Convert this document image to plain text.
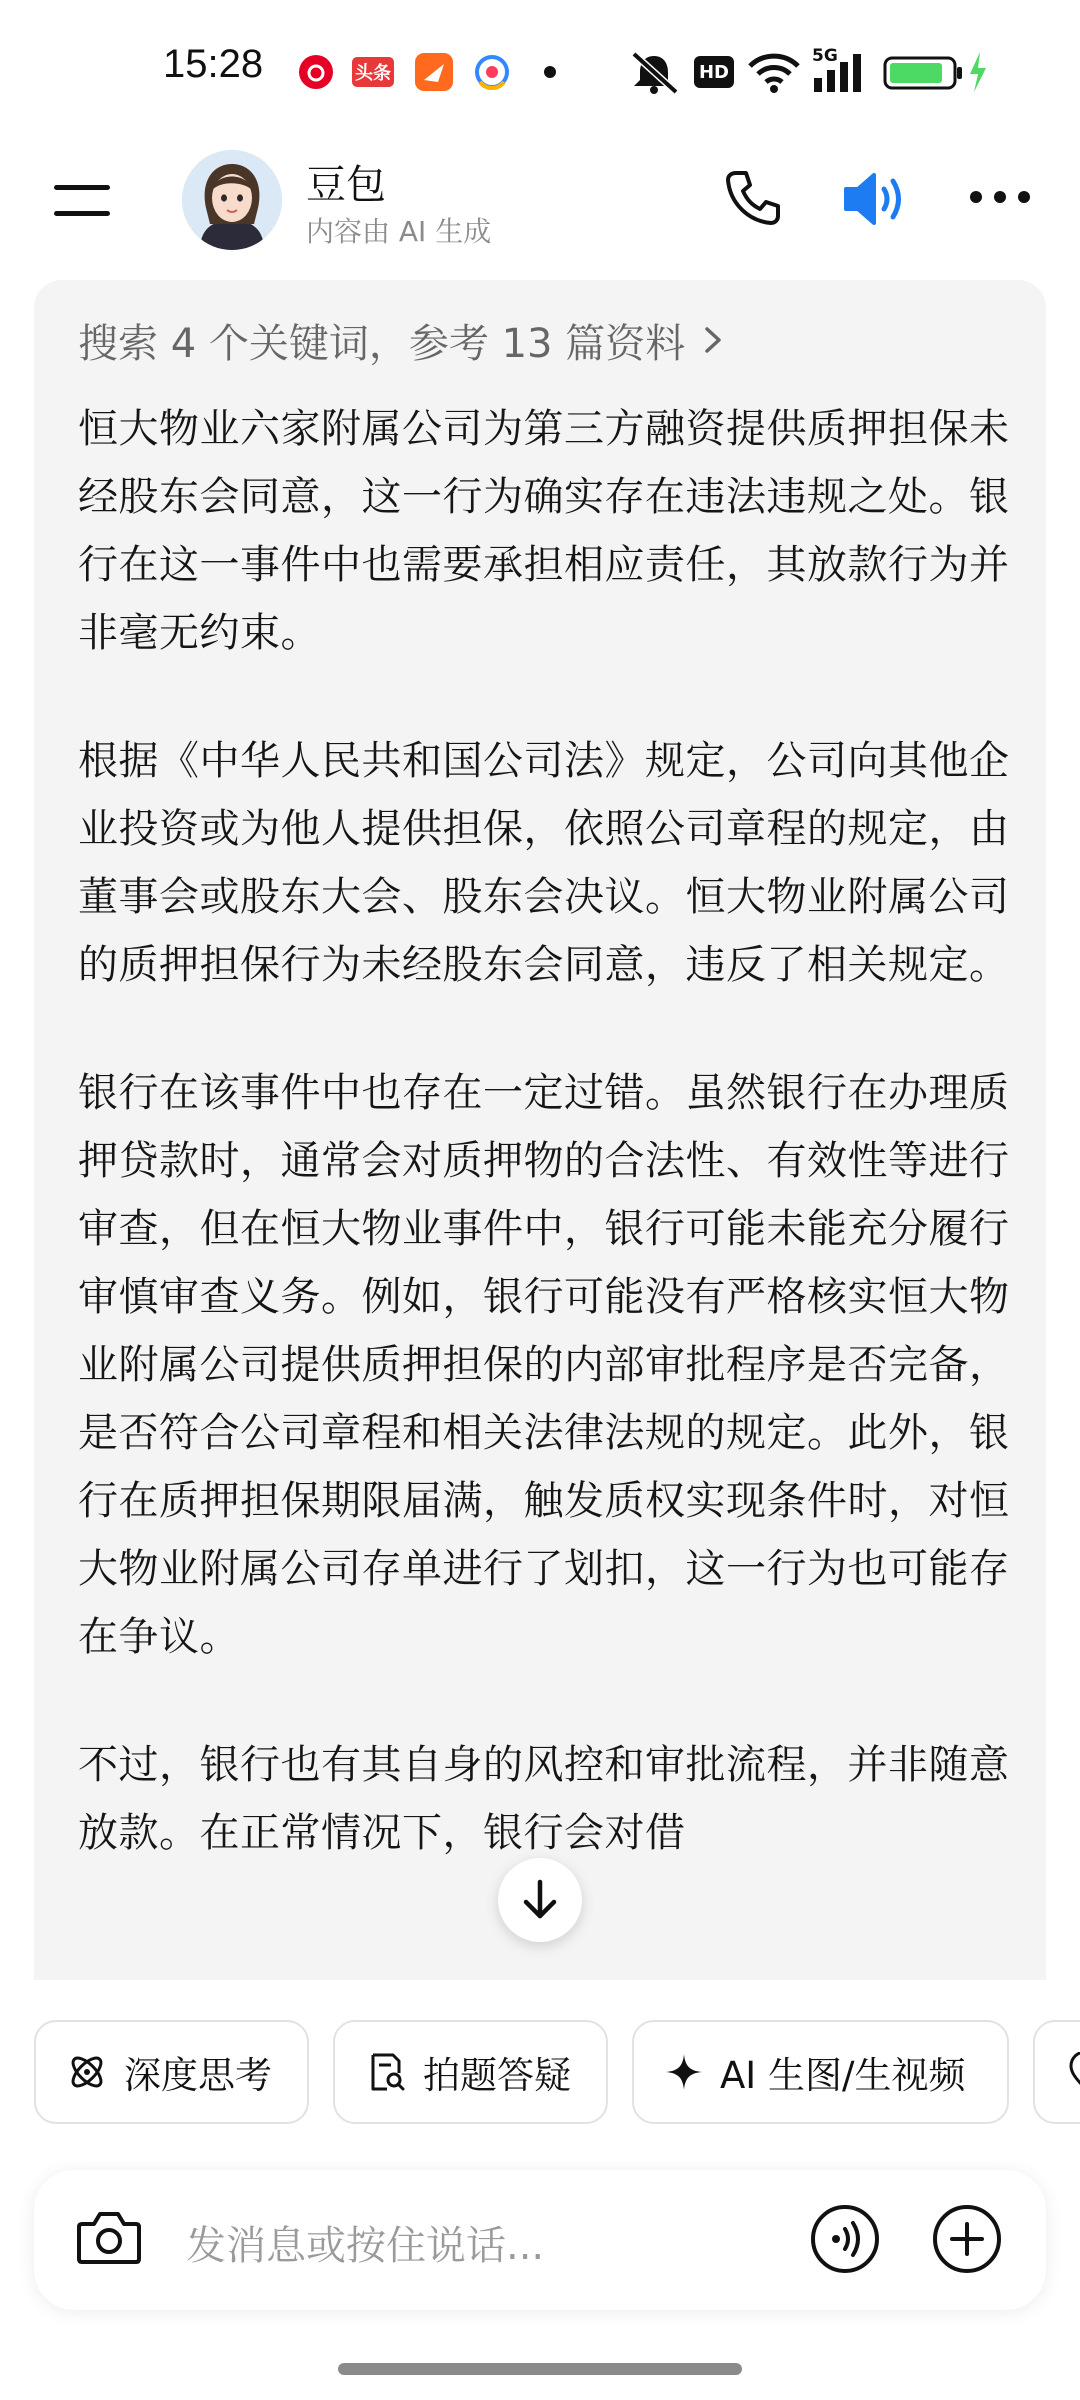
15:28	头条	HD
5G
豆包
内容由 AI 生成
搜索 4 个关键词，参考 13 篇资料

恒大物业六家附属公司为第三方融资提供质押担保未经股东会同意，这一行为确实存在违法违规之处。银行在这一事件中也需要承担相应责任，其放款行为并非毫无约束。

根据《中华人民共和国公司法》规定，公司向其他企业投资或为他人提供担保，依照公司章程的规定，由董事会或股东大会、股东会决议。恒大物业附属公司的质押担保行为未经股东会同意，违反了相关规定。

银行在该事件中也存在一定过错。虽然银行在办理质押贷款时，通常会对质押物的合法性、有效性等进行审查，但在恒大物业事件中，银行可能未能充分履行审慎审查义务。例如，银行可能没有严格核实恒大物业附属公司提供质押担保的内部审批程序是否完备，是否符合公司章程和相关法律法规的规定。此外，银行在质押担保期限届满，触发质权实现条件时，对恒大物业附属公司存单进行了划扣，这一行为也可能存在争议。

不过，银行也有其自身的风控和审批流程，并非随意放款。在正常情况下，银行会对借

深度思考	拍题答疑	AI 生图/生视频
发消息或按住说话...
